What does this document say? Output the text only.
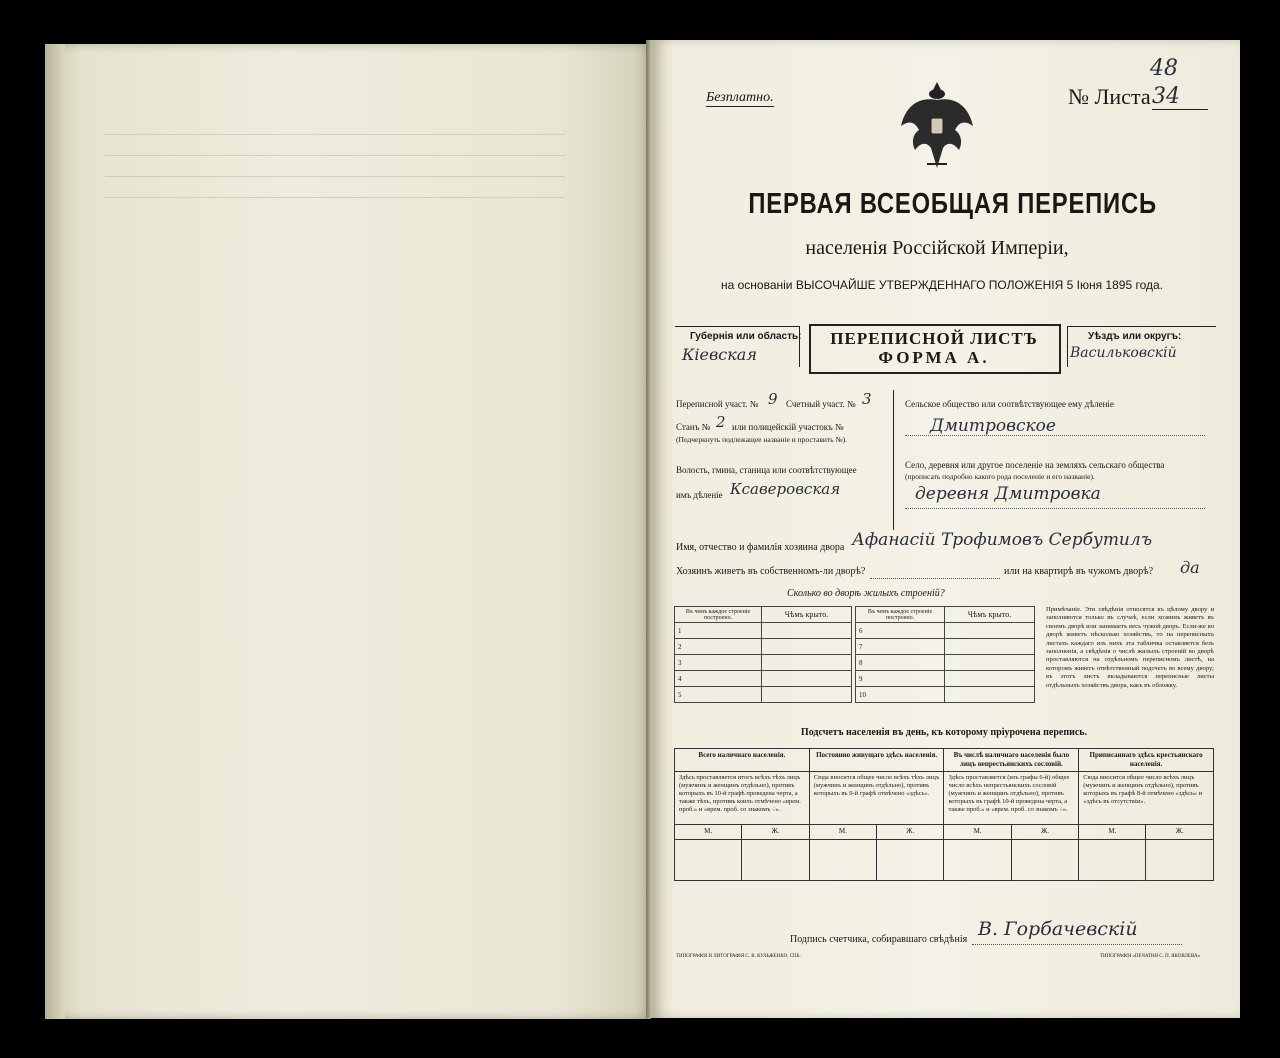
Безплатно.	№ Листа 34
48
ПЕРВАЯ ВСЕОБЩАЯ ПЕРЕПИСЬ
населенія Россійской Имперіи,
на основаніи ВЫСОЧАЙШЕ УТВЕРЖДЕННАГО ПОЛОЖЕНІЯ 5 Іюня 1895 года.
Губернія или область:
Кіевская
ПЕРЕПИСНОЙ ЛИСТЪ
ФОРМА А.
Уѣздъ или округъ:
Васильковскій
Переписной участ. № 9 Счетный участ. № 3
Станъ № 2 или полицейскій участокъ №
(Подчеркнуть подлежащее названіе и проставить №).
Волость, гмина, станица или соотвѣтствующее
имъ дѣленіе Ксаверовская
Сельское общество или соотвѣтствующее ему дѣленіе
Дмитровское
Село, деревня или другое поселеніе на земляхъ сельскаго общества
(прописать подробно какого рода поселеніе и его названіе).
деревня Дмитровка
Имя, отчество и фамилія хозяина двора Афанасій Трофимовъ Сербутилъ
Хозяинъ живетъ въ собственномъ-ли дворѣ?	или на квартирѣ въ чужомъ дворѣ? да
Сколько во дворѣ жилыхъ строеній?
Въ чемъ каждое строеніе построено.	Чѣмъ крыто.
1	
2	
3	
4	
5	
Въ чемъ каждое строеніе построено.	Чѣмъ крыто.
6	
7	
8	
9	
10	
Примѣчаніе. Эти свѣдѣнія относятся къ цѣлому двору и заполняются только въ случаѣ, если хозяинъ живетъ въ своемъ дворѣ или занимаетъ весь чужой дворъ. Если-же во дворѣ живетъ нѣсколько хозяйствъ, то на переписныхъ листахъ каждаго изъ нихъ эта табличка оставляется безъ заполненія, а свѣдѣнія о числѣ жилыхъ строеній во дворѣ проставляются на отдѣльномъ переписномъ листѣ, на которомъ живетъ отвѣтственный подсчетъ во всему двору; въ этотъ листъ вкладываются переписные листы отдѣльныхъ хозяйствъ двора, какъ въ обложку.
Подсчетъ населенія въ день, къ которому пріурочена перепись.
Всего наличнаго населенія.		Постоянно живущаго здѣсь населенія.		Въ числѣ наличнаго населенія было лицъ непрестьянскихъ сословій.		Приписаннаго здѣсь крестьянскаго населенія.	
Здѣсь проставляется итогъ всѣхъ тѣхъ лицъ (мужчинъ и женщинъ отдѣльно), противъ которыхъ въ 10-й графѣ проведена черта, а также тѣхъ, противъ коихъ отмѣчено «врем. проб.» и «врем. проб. со знакомъ ÷».		Сюда вносится общее число всѣхъ тѣхъ лицъ (мужчинъ и женщинъ отдѣльно), противъ которыхъ въ 9-й графѣ отмѣчено «здѣсь».		Здѣсь проставляется (изъ графы 6-й) общее число всѣхъ непрестьянскихъ сословій (мужчинъ и женщинъ отдѣльно), противъ которыхъ въ графѣ 10-й проведена черта, а также проб.» и «врем. проб. со знакомъ ÷».		Сюда вносится общее число всѣхъ лицъ (мужчинъ и женщинъ отдѣльно), противъ которыхъ въ графѣ 8-й отмѣчено «здѣсь» и «здѣсь въ отсутствіи».	
М.	Ж.	М.	Ж.	М.	Ж.	М.	Ж.

Подпись счетчика, собиравшаго свѣдѣнія В. Горбачевскій
ТИПОГРАФІЯ И ЛИТОГРАФІЯ С. В. КУЛЬЖЕНКО, СПБ.	ТИПОГРАФІЯ «ПЕЧАТНЯ С. П. ЯКОВЛЕВА»
